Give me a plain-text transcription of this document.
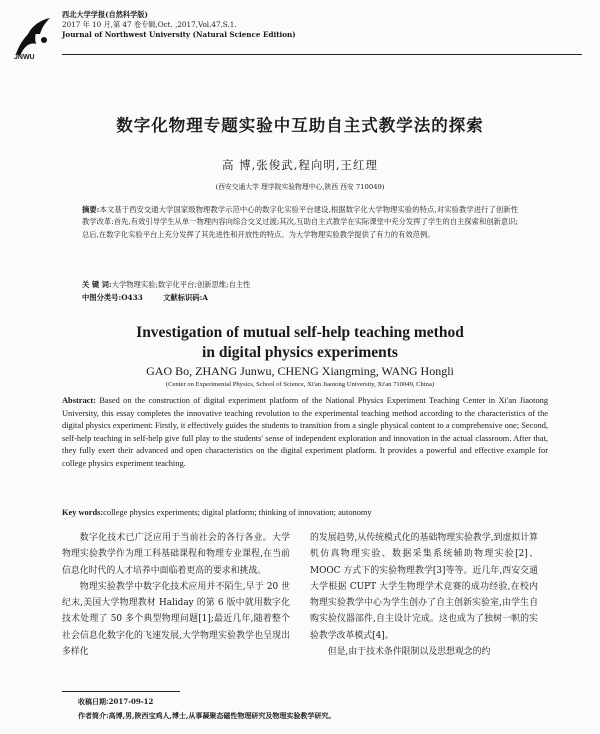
JNWU
西北大学学报(自然科学版)
2017 年 10 月,第 47 卷专辑,Oct. ,2017,Vol.47,S.1.
Journal of Northwest University (Natural Science Edition)
数字化物理专题实验中互助自主式教学法的探索
高 博,张俊武,程向明,王红理
(西安交通大学 理学院实验物理中心,陕西 西安 710049)
摘要:本文基于西安交通大学国家级物理教学示范中心的数字化实验平台建设,根据数字化大学物理实验的特点,对实验教学进行了创新性教学改革:首先,有效引导学生从单一物理内容向综合交叉过渡;其次,互助自主式教学在实际课堂中充分发挥了学生的自主探索和创新意识;总后,在数字化实验平台上充分发挥了其先进性和开放性的特点。为大学物理实验教学提供了有力的有效范例。
关 键 词:大学物理实验;数字化平台;创新思维;自主性
中图分类号:O433	文献标识码:A
Investigation of mutual self-help teaching method
in digital physics experiments
GAO Bo, ZHANG Junwu, CHENG Xiangming, WANG Hongli
(Center on Experimental Physics, School of Science, Xi'an Jiaotong University, Xi'an 710049, China)
Abstract: Based on the construction of digital experiment platform of the National Physics Experiment Teaching Center in Xi'an Jiaotong University, this essay completes the innovative teaching revolution to the experimental teaching method according to the characteristics of the digital physics experiment: Firstly, it effectively guides the students to transition from a single physical content to a comprehensive one; Second, self-help teaching in self-help give full play to the students' sense of independent exploration and innovation in the actual classroom. After that, they fully exert their advanced and open characteristics on the digital experiment platform. It provides a powerful and effective example for college physics experiment teaching.
Key words:college physics experiments; digital platform; thinking of innovation; autonomy

数字化技术已广泛应用于当前社会的各行各业。大学物理实验教学作为理工科基础课程和物理专业课程,在当前信息化时代的人才培养中面临着更高的要求和挑战。

物理实验教学中数字化技术应用并不陌生,早于 20 世纪末,美国大学物理教材 Haliday 的第 6 版中就用数字化技术处理了 50 多个典型物理问题[1];最近几年,随着整个社会信息化数字化的飞速发展,大学物理实验教学也呈现出多样化

的发展趋势,从传统模式化的基础物理实验教学,到虚拟计算机仿真物理实验、数据采集系统辅助物理实验[2]、MOOC 方式下的实验物理教学[3]等等。近几年,西安交通大学根据 CUPT 大学生物理学术竞赛的成功经验,在校内物理实验教学中心为学生创办了自主创新实验室,由学生自购实验仪器部件,自主设计完成。这也成为了独树一帜的实验教学改革模式[4]。

但是,由于技术条件限制以及思想观念的约

收稿日期:2017-09-12
作者简介:高博,男,陕西宝鸡人,博士,从事凝聚态磁性物理研究及物理实验教学研究。
